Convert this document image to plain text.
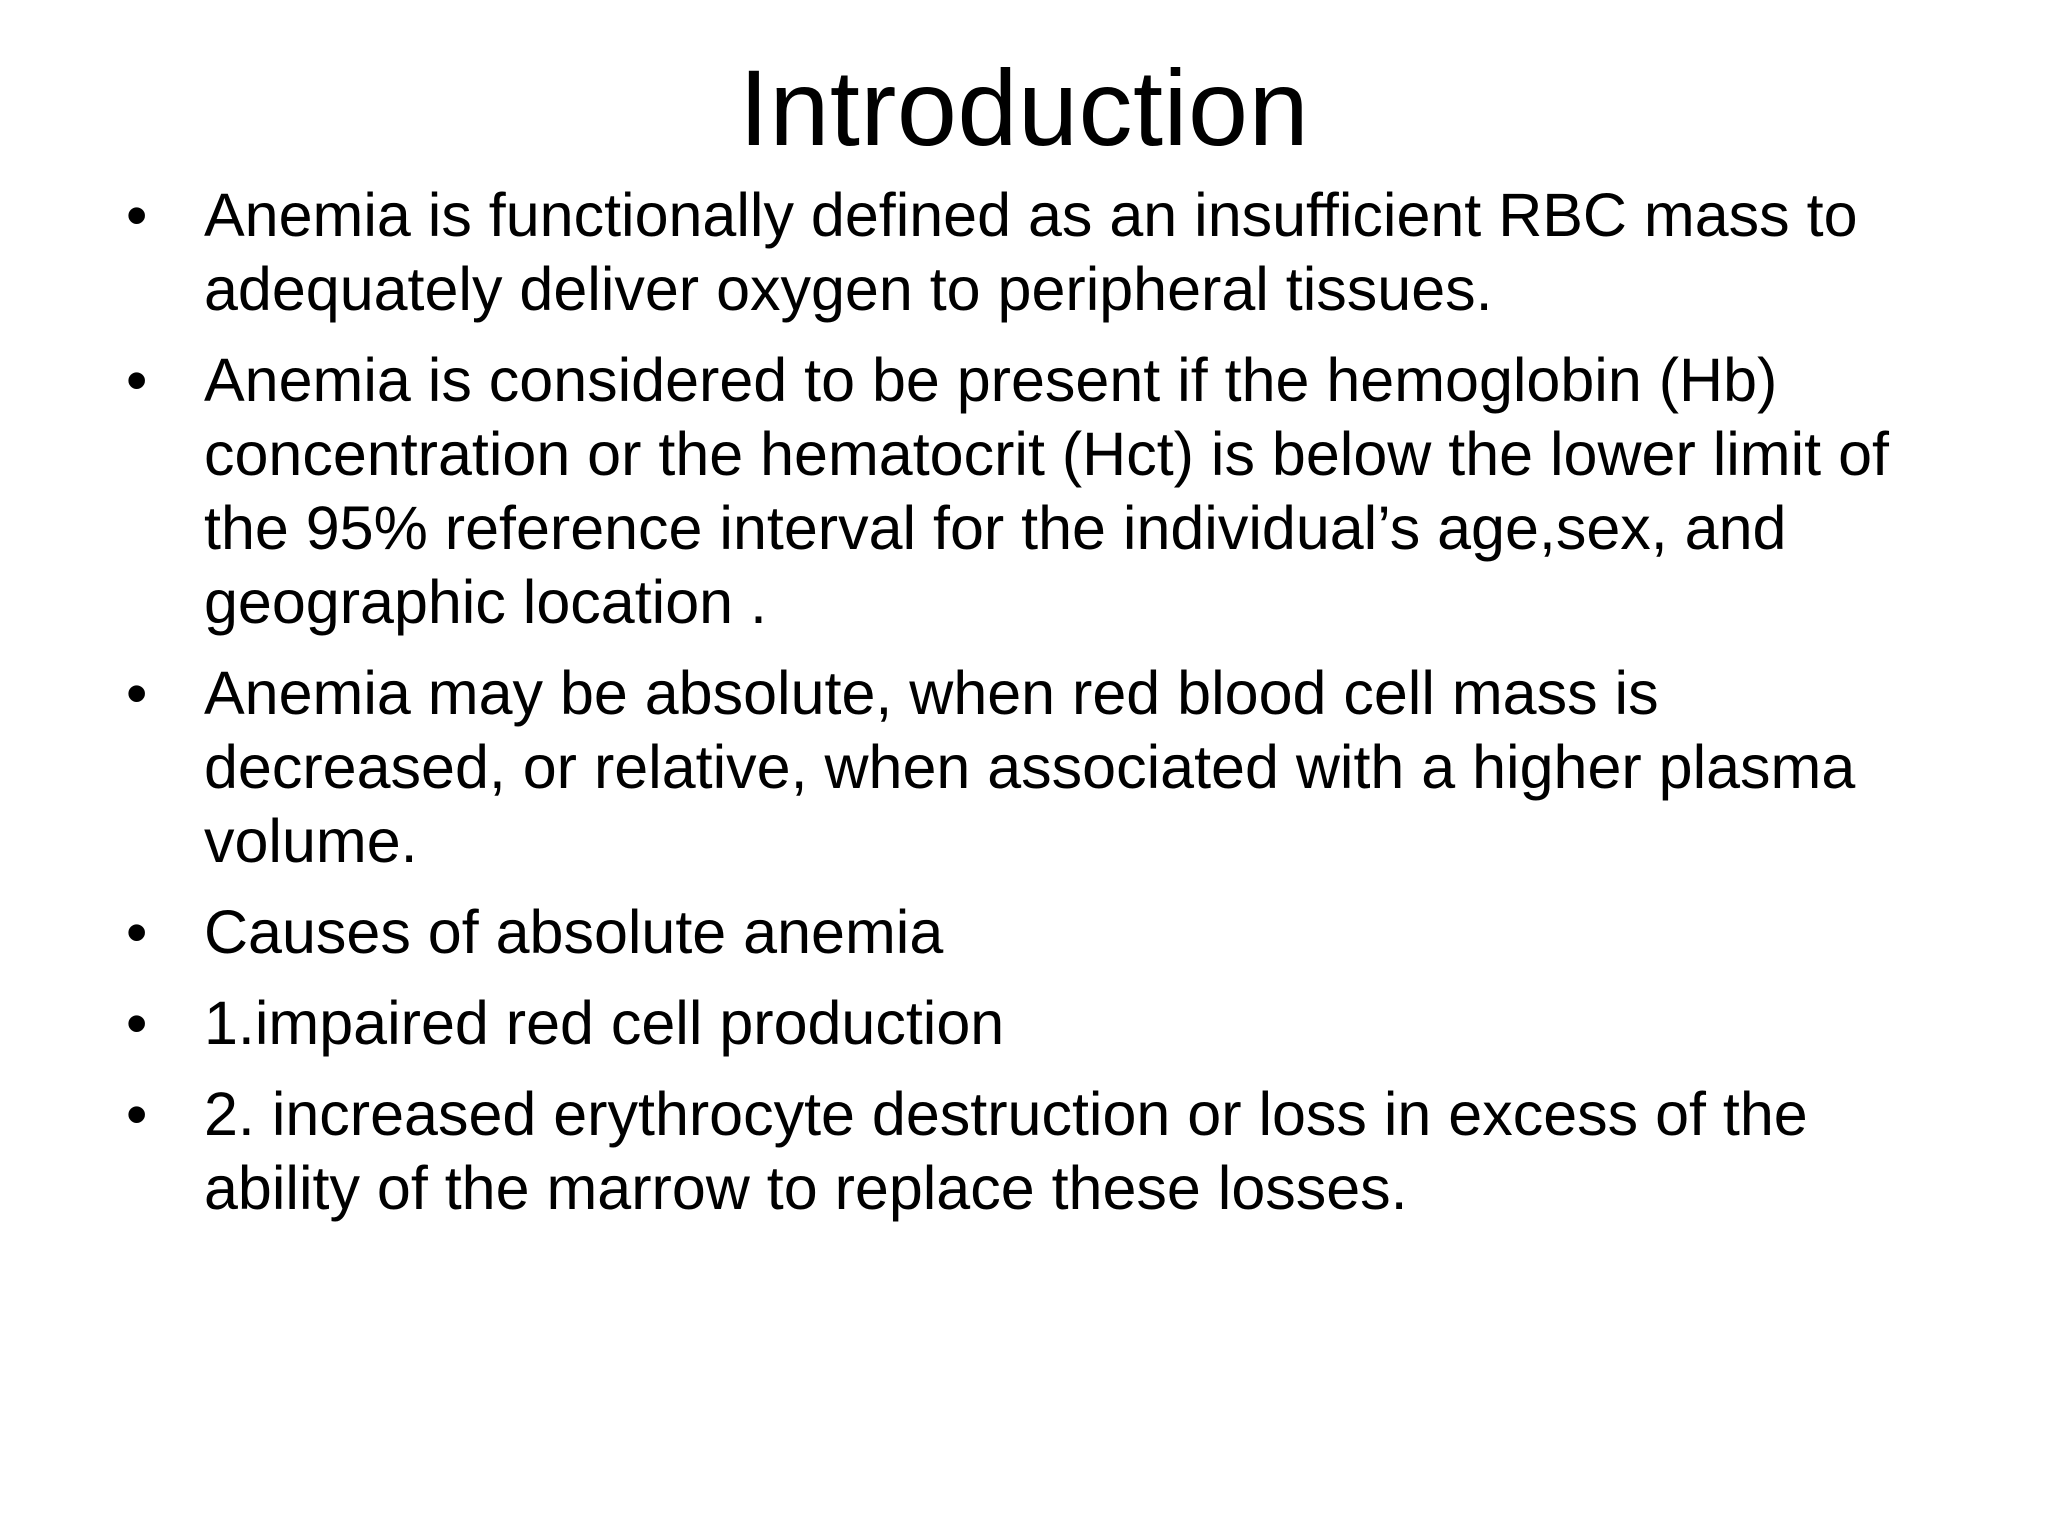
Introduction
• Anemia is functionally defined as an insufficient RBC mass to adequately deliver oxygen to peripheral tissues.
• Anemia is considered to be present if the hemoglobin (Hb) concentration or the hematocrit (Hct) is below the lower limit of the 95% reference interval for the individual’s age,sex, and geographic location .
• Anemia may be absolute, when red blood cell mass is decreased, or relative, when associated with a higher plasma volume.
• Causes of absolute anemia
• 1.impaired red cell production
• 2. increased erythrocyte destruction or loss in excess of the ability of the marrow to replace these losses.
